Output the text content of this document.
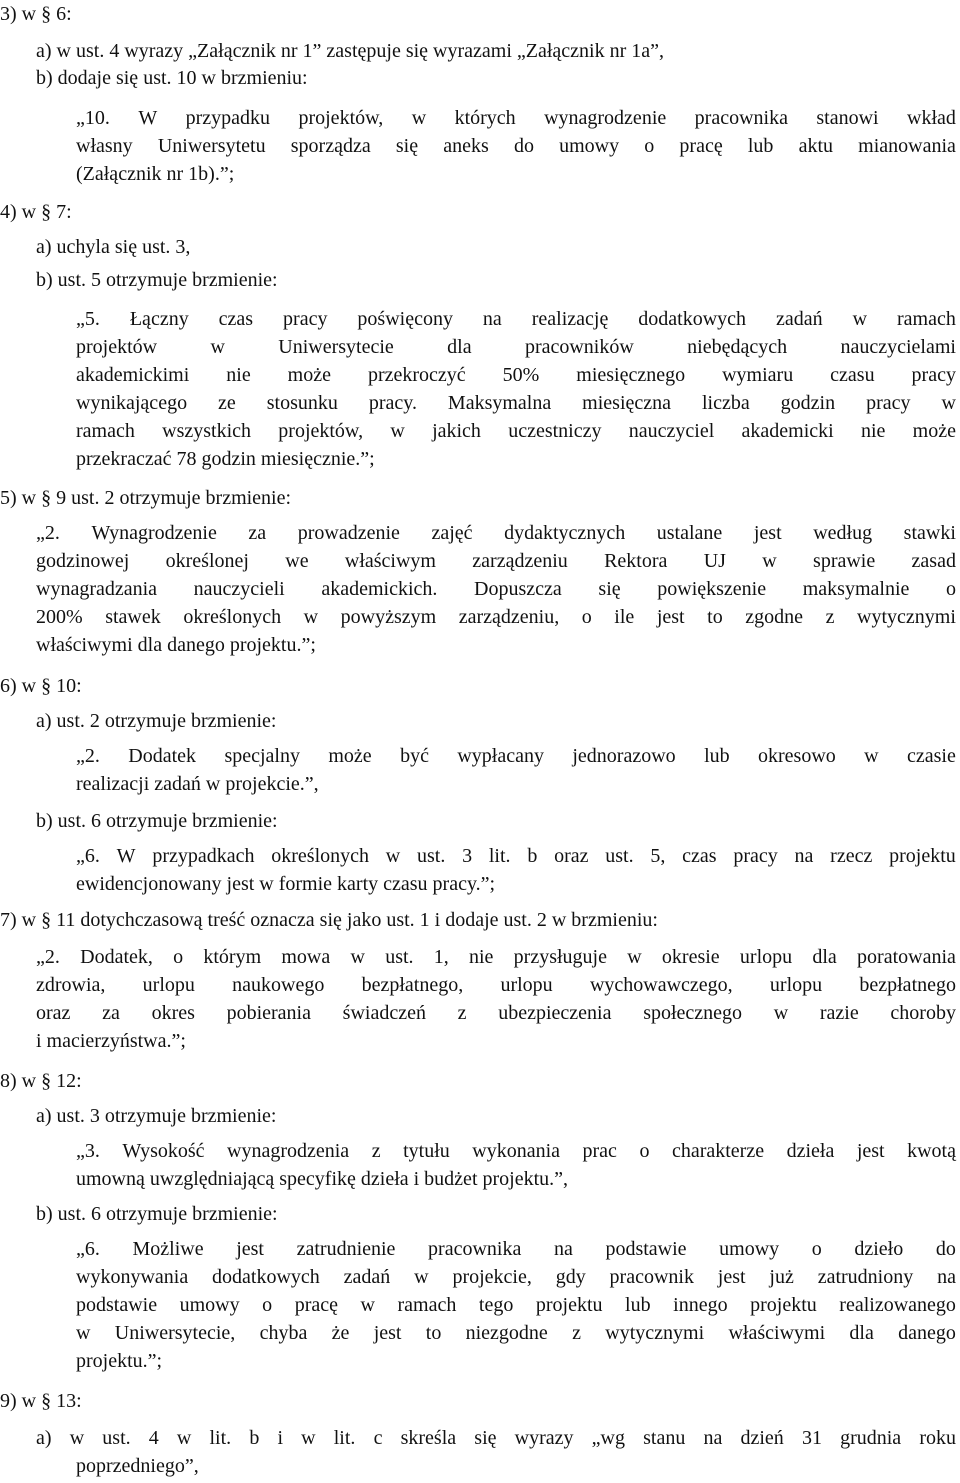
3) w § 6:
a) w ust. 4 wyrazy „Załącznik nr 1” zastępuje się wyrazami „Załącznik nr 1a”,
b) dodaje się ust. 10 w brzmieniu:
„10. W przypadku projektów, w których wynagrodzenie pracownika stanowi wkład
własny Uniwersytetu sporządza się aneks do umowy o pracę lub aktu mianowania
(Załącznik nr 1b).”;
4) w § 7:
a) uchyla się ust. 3,
b) ust. 5 otrzymuje brzmienie:
„5. Łączny czas pracy poświęcony na realizację dodatkowych zadań w ramach
projektów	w	Uniwersytecie	dla	pracowników	niebędących	nauczycielami
akademickimi nie może przekroczyć 50% miesięcznego wymiaru czasu pracy
wynikającego ze stosunku pracy. Maksymalna miesięczna liczba godzin pracy w
ramach wszystkich projektów, w jakich uczestniczy nauczyciel akademicki nie może
przekraczać 78 godzin miesięcznie.”;
5) w § 9 ust. 2 otrzymuje brzmienie:
„2. Wynagrodzenie za prowadzenie zajęć dydaktycznych ustalane jest według stawki
godzinowej określonej we właściwym zarządzeniu Rektora UJ w sprawie zasad
wynagradzania nauczycieli akademickich. Dopuszcza się powiększenie maksymalnie o
200% stawek określonych w powyższym zarządzeniu, o ile jest to zgodne z wytycznymi
właściwymi dla danego projektu.”;
6) w § 10:
a) ust. 2 otrzymuje brzmienie:
„2. Dodatek specjalny może być wypłacany jednorazowo lub okresowo w czasie
realizacji zadań w projekcie.”,
b) ust. 6 otrzymuje brzmienie:
„6. W przypadkach określonych w ust. 3 lit. b oraz ust. 5, czas pracy na rzecz projektu
ewidencjonowany jest w formie karty czasu pracy.”;
7) w § 11 dotychczasową treść oznacza się jako ust. 1 i dodaje ust. 2 w brzmieniu:
„2. Dodatek, o którym mowa w ust. 1, nie przysługuje w okresie urlopu dla poratowania
zdrowia, urlopu naukowego bezpłatnego, urlopu wychowawczego, urlopu bezpłatnego
oraz za okres pobierania świadczeń z ubezpieczenia społecznego w razie choroby
i macierzyństwa.”;
8) w § 12:
a) ust. 3 otrzymuje brzmienie:
„3. Wysokość wynagrodzenia z tytułu wykonania prac o charakterze dzieła jest kwotą
umowną uwzględniającą specyfikę dzieła i budżet projektu.”,
b) ust. 6 otrzymuje brzmienie:
„6. Możliwe jest zatrudnienie pracownika na podstawie umowy o dzieło do
wykonywania dodatkowych zadań w projekcie, gdy pracownik jest już zatrudniony na
podstawie umowy o pracę w ramach tego projektu lub innego projektu realizowanego
w Uniwersytecie, chyba że jest to niezgodne z wytycznymi właściwymi dla danego
projektu.”;
9) w § 13:
a) w ust. 4 w lit. b i w lit. c skreśla się wyrazy „wg stanu na dzień 31 grudnia roku
poprzedniego”,
